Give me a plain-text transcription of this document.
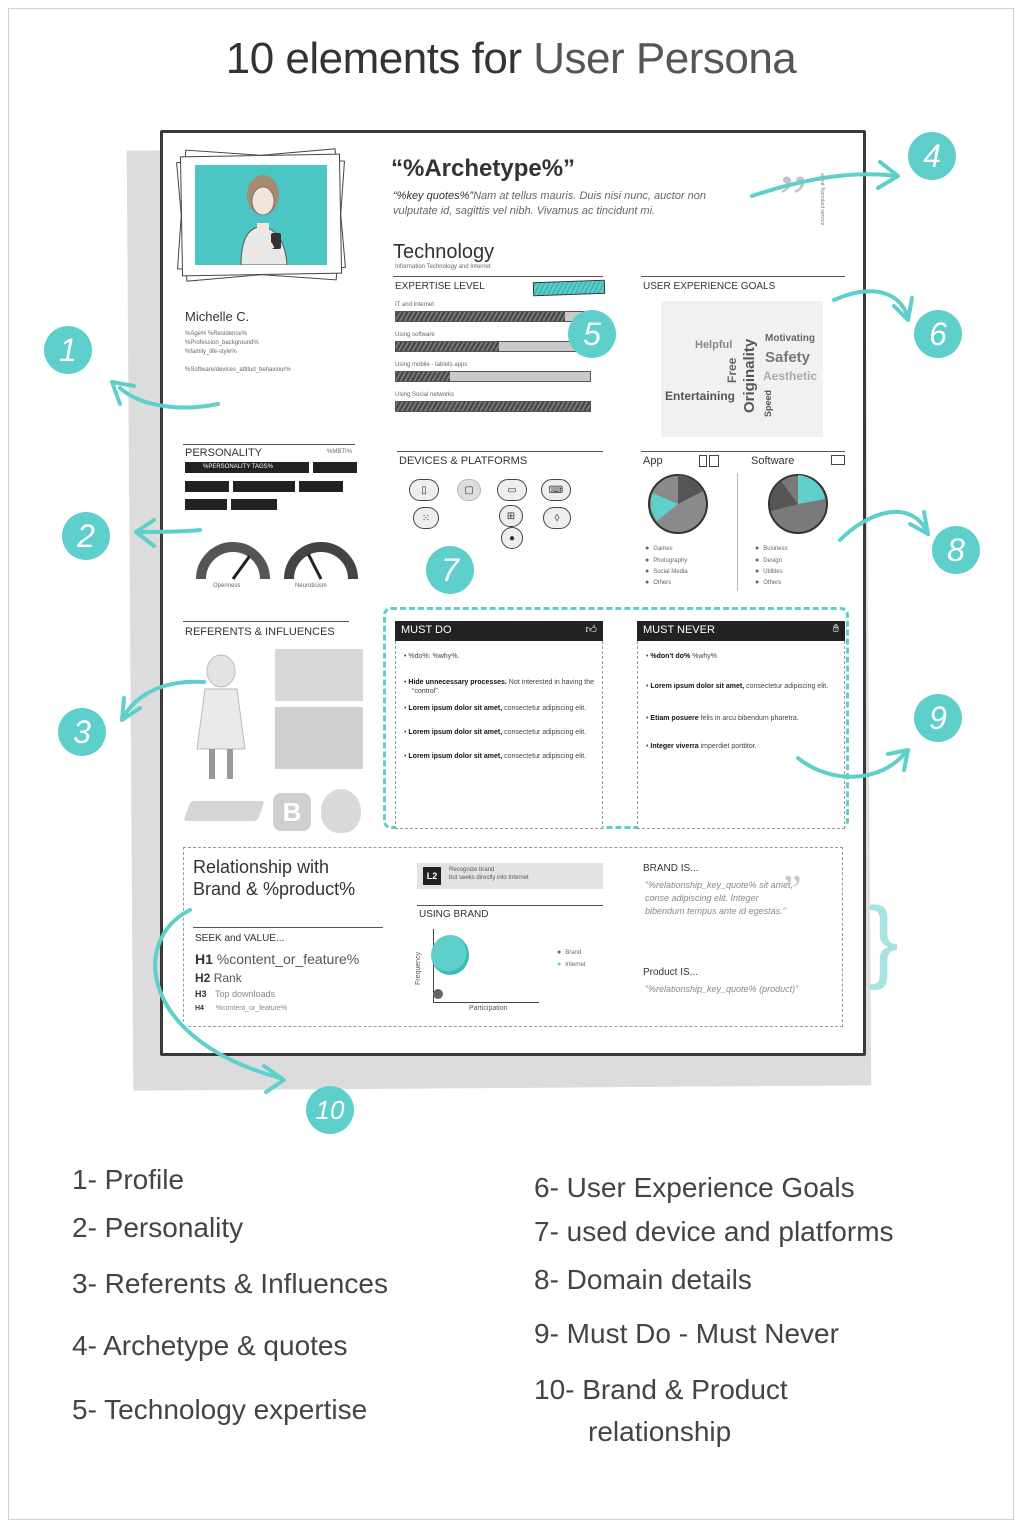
10 elements for User Persona
Michelle C.
%Age% %Residence%
%Profession_background%
%family_life-style%
%Software/devices_attitud_behaviour%
“%Archetype%”
“%key quotes%”Nam at tellus mauris. Duis nisi nunc, auctor non vulputate id, sagittis vel nibh. Vivamus ac tincidunt mi.	” about %product service
Technology
Information Technology and Internet
EXPERTISE LEVEL
IT and Internet
Using software
Using mobile - tablets apps
Using Social networks
USER EXPERIENCE GOALS
Helpful
Motivating
Safety
Aesthetic
Entertaining Originality
Free
Speed
PERSONALITY	%MBTI%
%PERSONALITY TAGS%
Openness	Neuroticism
DEVICES & PLATFORMS
▯	▢	▭	⌨
⁙	⊞
●
◊
App	Software
● Games
● Photography
● Social Media
● Others
● Business
● Design
● Utilities
● Others
REFERENTS & INFLUENCES
B
MUST DO	👍︎
• %do%: %why%.
• Hide unnecessary processes. Not interested in having the “control”.
• Lorem ipsum dolor sit amet, consectetur adipiscing elit.
• Lorem ipsum dolor sit amet, consectetur adipiscing elit.
• Lorem ipsum dolor sit amet, consectetur adipiscing elit.
MUST NEVER	✋︎
• %don't do% %why%
• Lorem ipsum dolor sit amet, consectetur adipiscing elit.
• Etiam posuere felis in arcu bibendum pharetra.
• Integer viverra imperdiet porttitor.
Relationship with
Brand & %product%
SEEK and VALUE...
H1 %content_or_feature%
H2 Rank
H3 Top downloads
H4 %content_or_feature%
L2
Recognize brand
but seeks directly into Internet
USING BRAND
Frequency
Participation
● Brand
● Internet
BRAND IS...
“%relationship_key_quote% sit amet, conse adipiscing elit. Integer bibendum tempus ante id egestas.”
”
Product IS...
“%relationship_key_quote% (product)” }
1
2
3
4
5	6
7
8
9
10
1- Profile
2- Personality
3- Referents & Influences
4- Archetype & quotes
5- Technology expertise
6- User Experience Goals
7- used device and platforms
8- Domain details
9- Must Do - Must Never
10- Brand & Product
relationship
